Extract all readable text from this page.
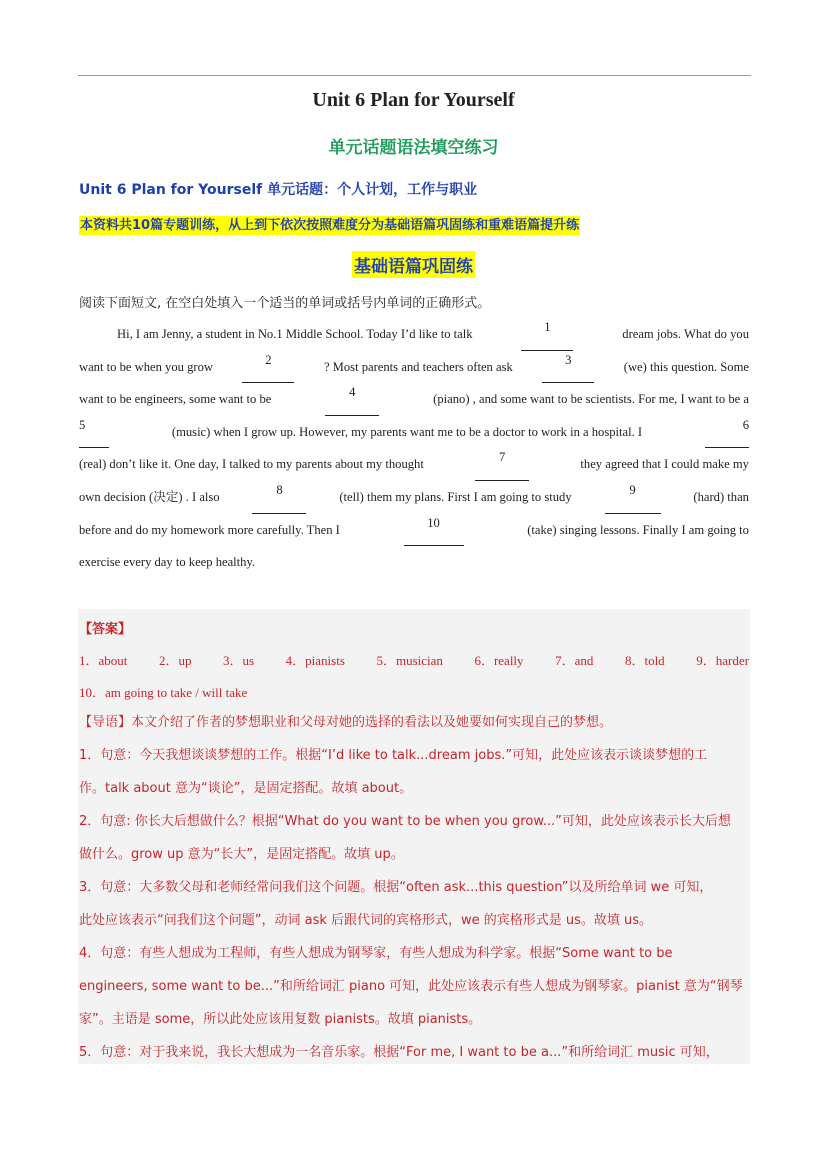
Unit 6 Plan for Yourself
单元话题语法填空练习
Unit 6 Plan for Yourself 单元话题：个人计划，工作与职业
本资料共10篇专题训练，从上到下依次按照难度分为基础语篇巩固练和重难语篇提升练
基础语篇巩固练
阅读下面短文, 在空白处填入一个适当的单词或括号内单词的正确形式。
Hi, I am Jenny, a student in No.1 Middle School. Today I’d like to talk	1	dream jobs. What do you
want to be when you grow	2	? Most parents and teachers often ask	3	(we) this question. Some
want to be engineers, some want to be	4	(piano) , and some want to be scientists. For me, I want to be a
5	(music) when I grow up. However, my parents want me to be a doctor to work in a hospital. I	6
(real) don’t like it. One day, I talked to my parents about my thought	7	they agreed that I could make my
own decision (决定) . I also	8	(tell) them my plans. First I am going to study	9	(hard) than
before and do my homework more carefully. Then I	10	(take) singing lessons. Finally I am going to
exercise every day to keep healthy.
【答案】
1．about 2．up 3．us 4．pianists 5．musician 6．really 7．and 8．told 9．harder
10．am going to take / will take
【导语】本文介绍了作者的梦想职业和父母对她的选择的看法以及她要如何实现自己的梦想。
1．句意：今天我想谈谈梦想的工作。根据“I’d like to talk...dream jobs.”可知，此处应该表示谈谈梦想的工
作。talk about 意为“谈论”，是固定搭配。故填 about。
2．句意: 你长大后想做什么？根据“What do you want to be when you grow...”可知，此处应该表示长大后想
做什么。grow up 意为“长大”，是固定搭配。故填 up。
3．句意：大多数父母和老师经常问我们这个问题。根据“often ask...this question”以及所给单词 we 可知，
此处应该表示“问我们这个问题”，动词 ask 后跟代词的宾格形式，we 的宾格形式是 us。故填 us。
4．句意：有些人想成为工程师，有些人想成为钢琴家，有些人想成为科学家。根据“Some want to be
engineers, some want to be...”和所给词汇 piano 可知，此处应该表示有些人想成为钢琴家。pianist 意为“钢琴
家”。主语是 some，所以此处应该用复数 pianists。故填 pianists。
5．句意：对于我来说，我长大想成为一名音乐家。根据“For me, I want to be a...”和所给词汇 music 可知，
